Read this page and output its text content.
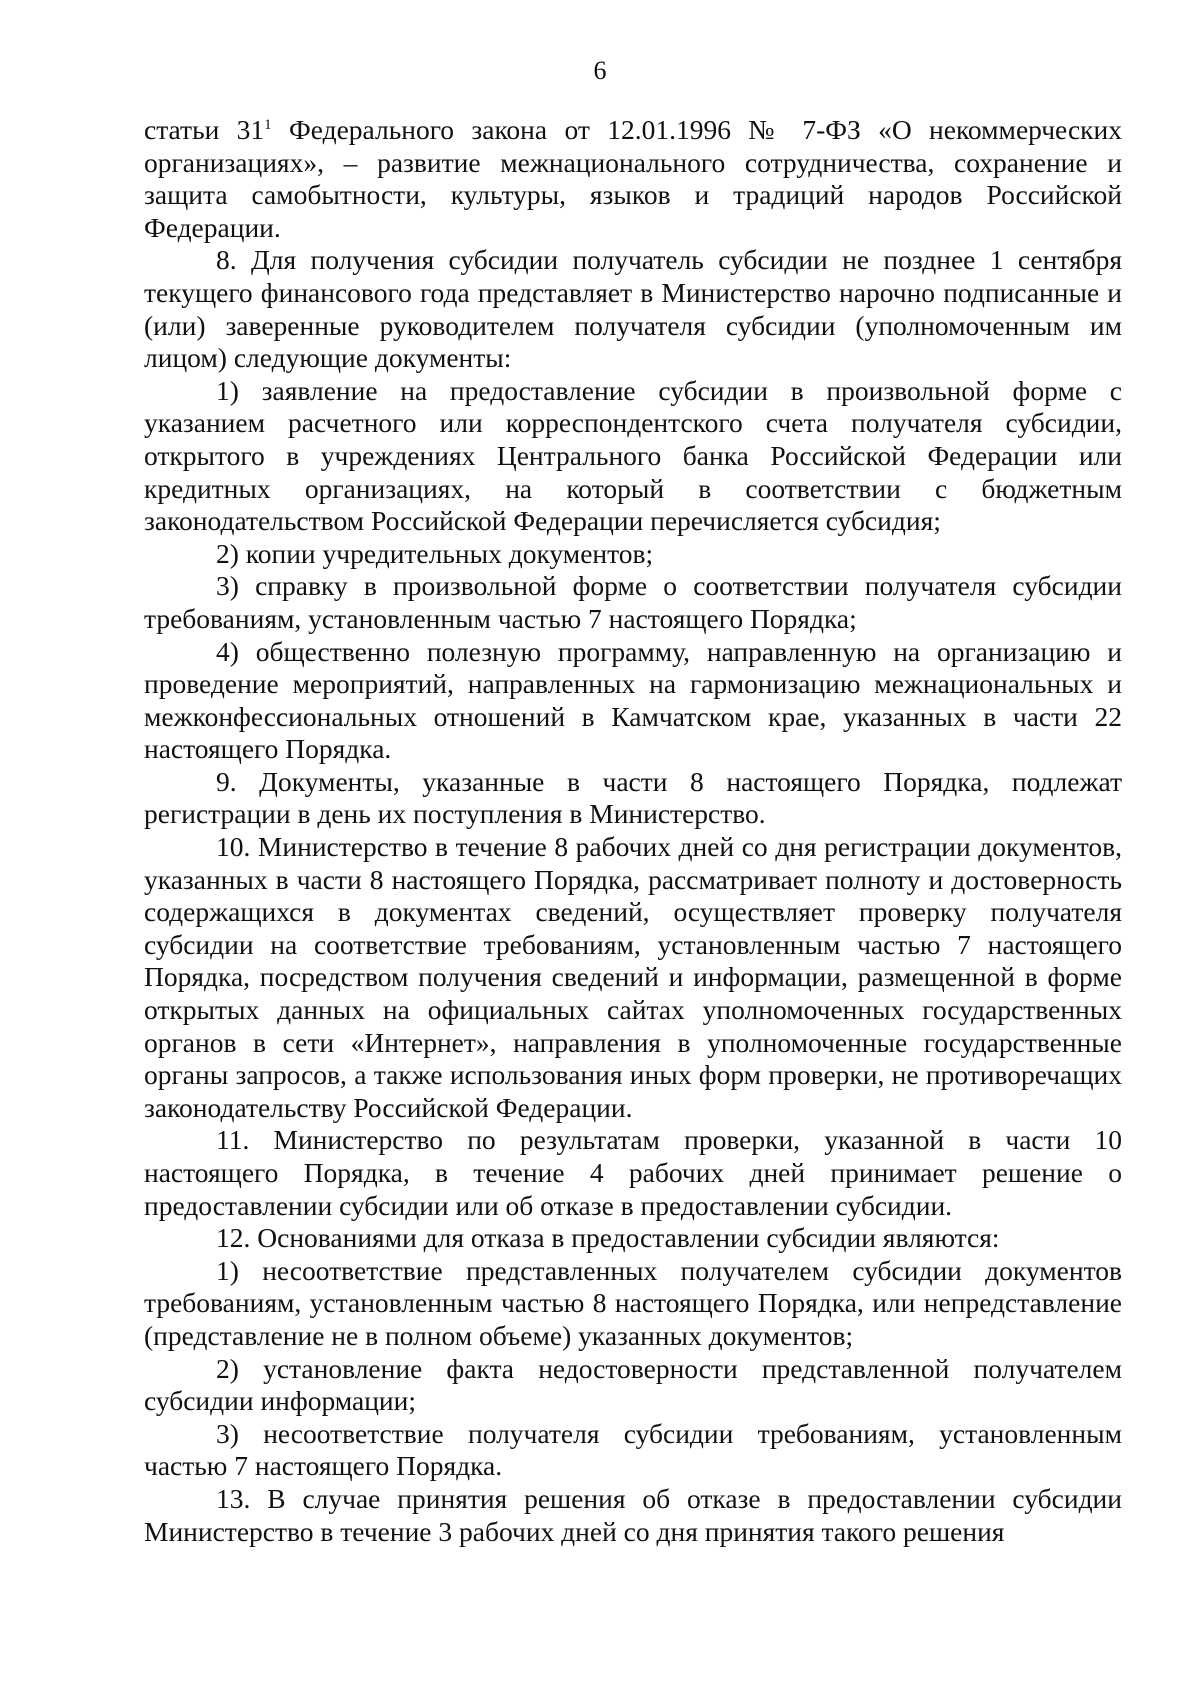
6

статьи 31$^1$ Федерального закона от 12.01.1996 № 7-ФЗ «О некоммерческих организациях», – развитие межнационального сотрудничества, сохранение и защита самобытности, культуры, языков и традиций народов Российской Федерации.

8. Для получения субсидии получатель субсидии не позднее 1 сентября текущего финансового года представляет в Министерство нарочно подписанные и (или) заверенные руководителем получателя субсидии (уполномоченным им лицом) следующие документы:

1) заявление на предоставление субсидии в произвольной форме с указанием расчетного или корреспондентского счета получателя субсидии, открытого в учреждениях Центрального банка Российской Федерации или кредитных организациях, на который в соответствии с бюджетным законодательством Российской Федерации перечисляется субсидия;

2) копии учредительных документов;

3) справку в произвольной форме о соответствии получателя субсидии требованиям, установленным частью 7 настоящего Порядка;

4) общественно полезную программу, направленную на организацию и проведение мероприятий, направленных на гармонизацию межнациональных и межконфессиональных отношений в Камчатском крае, указанных в части 22 настоящего Порядка.

9. Документы, указанные в части 8 настоящего Порядка, подлежат регистрации в день их поступления в Министерство.

10. Министерство в течение 8 рабочих дней со дня регистрации документов, указанных в части 8 настоящего Порядка, рассматривает полноту и достоверность содержащихся в документах сведений, осуществляет проверку получателя субсидии на соответствие требованиям, установленным частью 7 настоящего Порядка, посредством получения сведений и информации, размещенной в форме открытых данных на официальных сайтах уполномоченных государственных органов в сети «Интернет», направления в уполномоченные государственные органы запросов, а также использования иных форм проверки, не противоречащих законодательству Российской Федерации.

11. Министерство по результатам проверки, указанной в части 10 настоящего Порядка, в течение 4 рабочих дней принимает решение о предоставлении субсидии или об отказе в предоставлении субсидии.

12. Основаниями для отказа в предоставлении субсидии являются:

1) несоответствие представленных получателем субсидии документов требованиям, установленным частью 8 настоящего Порядка, или непредставление (представление не в полном объеме) указанных документов;

2) установление факта недостоверности представленной получателем субсидии информации;

3) несоответствие получателя субсидии требованиям, установленным частью 7 настоящего Порядка.

13. В случае принятия решения об отказе в предоставлении субсидии Министерство в течение 3 рабочих дней со дня принятия такого решения
